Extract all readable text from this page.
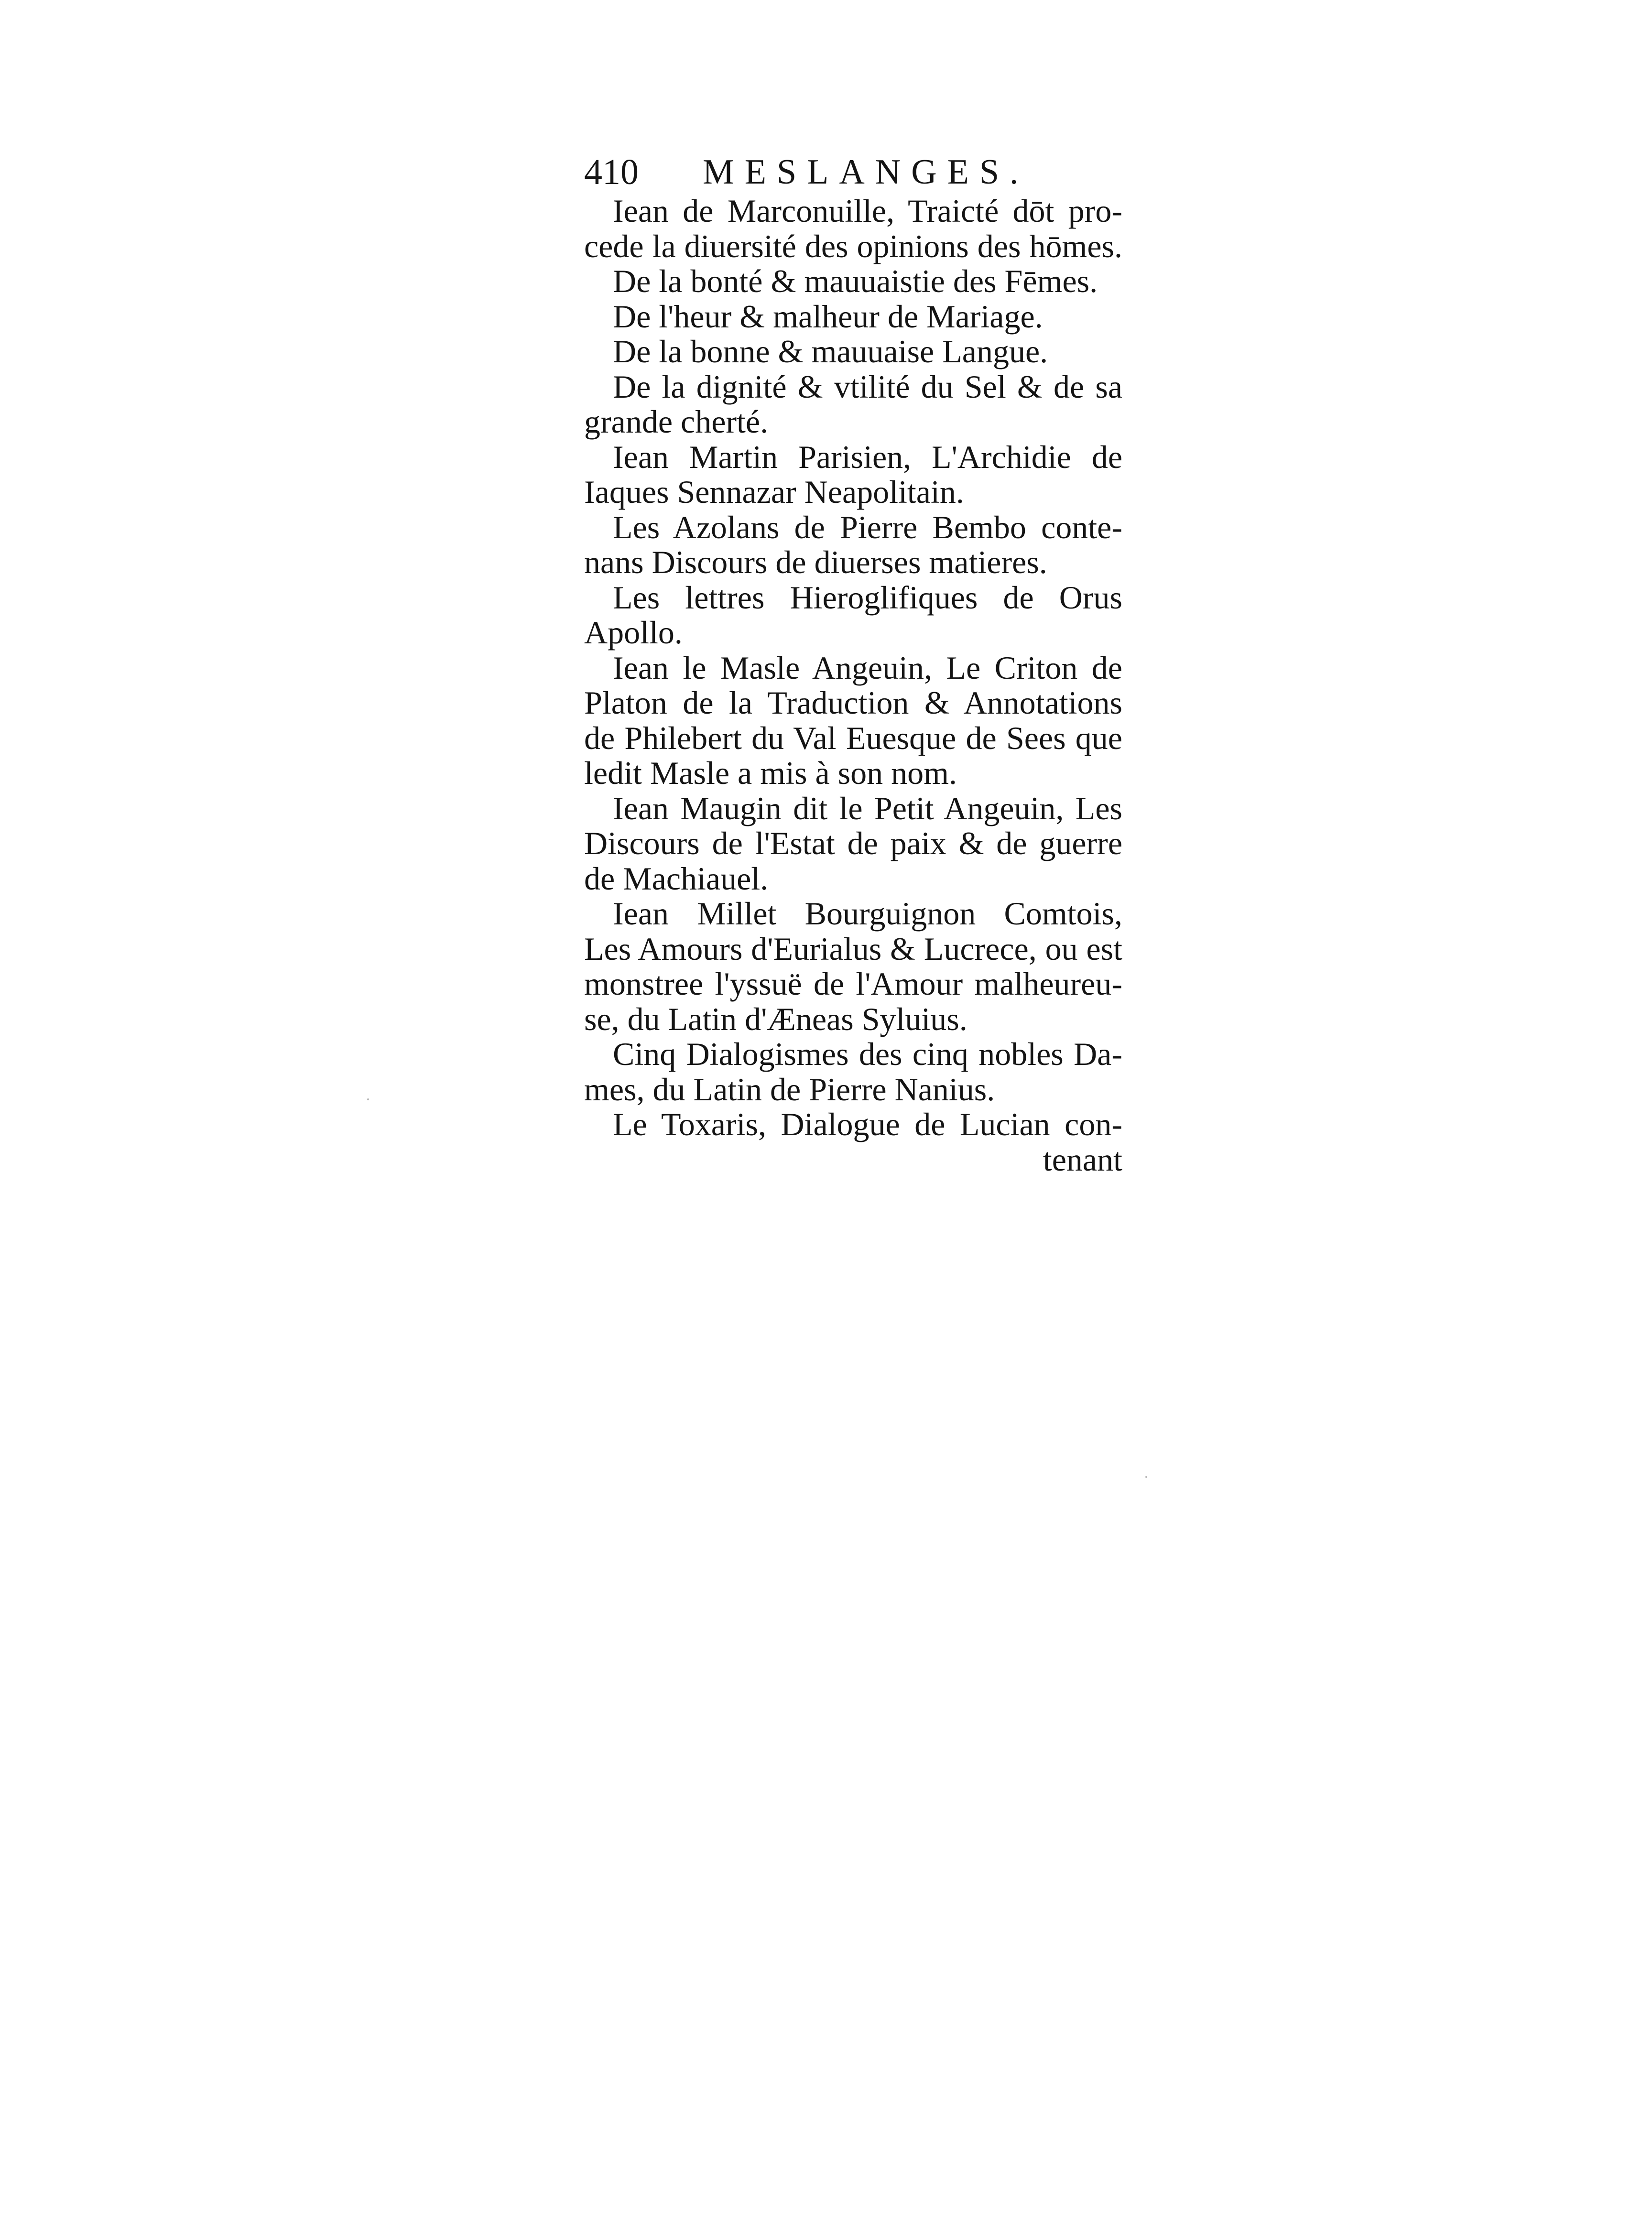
410 MESLANGES.
Iean de Marconuille, Traicté dōt pro-
cede la diuersité des opinions des hōmes.
De la bonté & mauuaistie des Fēmes.
De l'heur & malheur de Mariage.
De la bonne & mauuaise Langue.
De la dignité & vtilité du Sel & de sa
grande cherté.
Iean Martin Parisien, L'Archidie de
Iaques Sennazar Neapolitain.
Les Azolans de Pierre Bembo conte-
nans Discours de diuerses matieres.
Les lettres Hieroglifiques de Orus
Apollo.
Iean le Masle Angeuin, Le Criton de
Platon de la Traduction & Annotations
de Philebert du Val Euesque de Sees que
ledit Masle a mis à son nom.
Iean Maugin dit le Petit Angeuin, Les
Discours de l'Estat de paix & de guerre
de Machiauel.
Iean Millet Bourguignon Comtois,
Les Amours d'Eurialus & Lucrece, ou est
monstree l'yssuë de l'Amour malheureu-
se, du Latin d'Æneas Syluius.
Cinq Dialogismes des cinq nobles Da-
mes, du Latin de Pierre Nanius.
Le Toxaris, Dialogue de Lucian con-
tenant
